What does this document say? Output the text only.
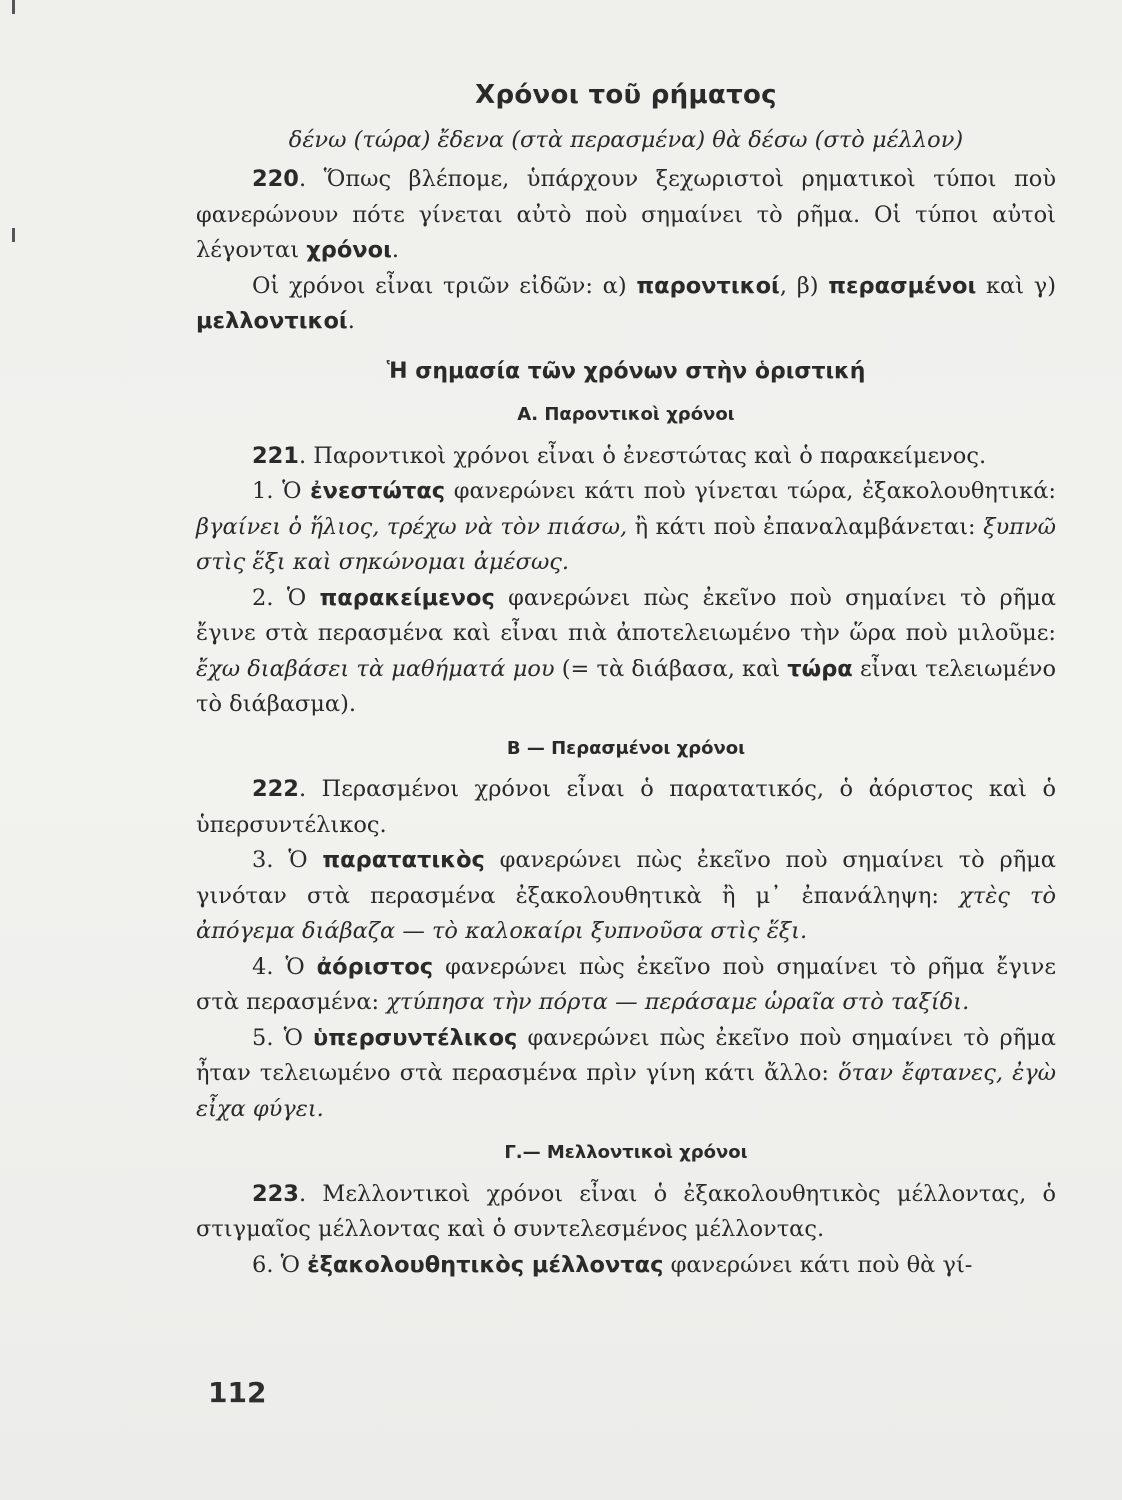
Χρόνοι τοῦ ρήματος

δένω (τώρα) ἔδενα (στὰ περασμένα) θὰ δέσω (στὸ μέλλον)

220. Ὅπως βλέπομε, ὑπάρχουν ξεχωριστοὶ ρηματικοὶ τύποι ποὺ φανερώνουν πότε γίνεται αὐτὸ ποὺ σημαίνει τὸ ρῆμα. Οἱ τύποι αὐτοὶ λέγονται χρόνοι.

Οἱ χρόνοι εἶναι τριῶν εἰδῶν: α) παροντικοί, β) περασμένοι καὶ γ) μελλοντικοί.

Ἡ σημασία τῶν χρόνων στὴν ὁριστική
Α. Παροντικοὶ χρόνοι

221. Παροντικοὶ χρόνοι εἶναι ὁ ἐνεστώτας καὶ ὁ παρακείμενος.

1. Ὁ ἐνεστώτας φανερώνει κάτι ποὺ γίνεται τώρα, ἐξακολουθητικά: βγαίνει ὁ ἥλιος, τρέχω νὰ τὸν πιάσω, ἢ κάτι ποὺ ἐπαναλαμβάνεται: ξυπνῶ στὶς ἕξι καὶ σηκώνομαι ἀμέσως.

2. Ὁ παρακείμενος φανερώνει πὼς ἐκεῖνο ποὺ σημαίνει τὸ ρῆμα ἔγινε στὰ περασμένα καὶ εἶναι πιὰ ἀποτελειωμένο τὴν ὥρα ποὺ μιλοῦμε: ἔχω διαβάσει τὰ μαθήματά μου (= τὰ διάβασα, καὶ τώρα εἶναι τελειωμένο τὸ διάβασμα).

Β — Περασμένοι χρόνοι

222. Περασμένοι χρόνοι εἶναι ὁ παρατατικός, ὁ ἀόριστος καὶ ὁ ὑπερσυντέλικος.

3. Ὁ παρατατικὸς φανερώνει πὼς ἐκεῖνο ποὺ σημαίνει τὸ ρῆμα γινόταν στὰ περασμένα ἐξακολουθητικὰ ἢ μ᾿ ἐπανάληψη: χτὲς τὸ ἀπόγεμα διάβαζα — τὸ καλοκαίρι ξυπνοῦσα στὶς ἕξι.

4. Ὁ ἀόριστος φανερώνει πὼς ἐκεῖνο ποὺ σημαίνει τὸ ρῆμα ἔγινε στὰ περασμένα: χτύπησα τὴν πόρτα — περάσαμε ὡραῖα στὸ ταξίδι.

5. Ὁ ὑπερσυντέλικος φανερώνει πὼς ἐκεῖνο ποὺ σημαίνει τὸ ρῆμα ἦταν τελειωμένο στὰ περασμένα πρὶν γίνη κάτι ἄλλο: ὅταν ἔφτανες, ἐγὼ εἶχα φύγει.

Γ.— Μελλοντικοὶ χρόνοι

223. Μελλοντικοὶ χρόνοι εἶναι ὁ ἐξακολουθητικὸς μέλλοντας, ὁ στιγμαῖος μέλλοντας καὶ ὁ συντελεσμένος μέλλοντας.

6. Ὁ ἐξακολουθητικὸς μέλλοντας φανερώνει κάτι ποὺ θὰ γί-

112
